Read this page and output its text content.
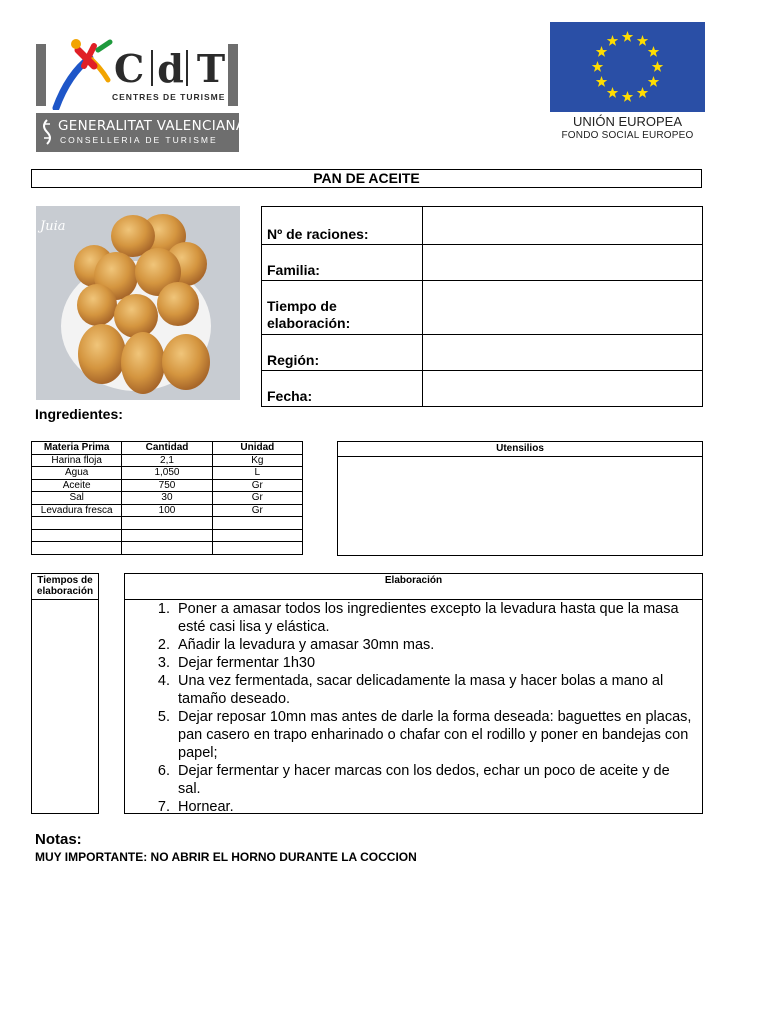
C d T
CENTRES DE TURISME
GENERALITAT VALENCIANA
CONSELLERIA DE TURISME
UNIÓN EUROPEA
FONDO SOCIAL EUROPEO
PAN DE ACEITE
Juia	Nº de raciones:	
Familia:	
Tiempo de elaboración:	
Región:	
Fecha:	
Ingredientes:
Materia Prima	Cantidad	Unidad
Harina floja	2,1	Kg
Agua	1,050	L
Aceite	750	Gr
Sal	30	Gr
Levadura fresca	100	Gr

Utensilios
Tiempos de elaboración
Elaboración
1. Poner a amasar todos los ingredientes excepto la levadura hasta que la masa esté casi lisa y elástica.
2. Añadir la levadura y amasar 30mn mas.
3. Dejar fermentar 1h30
4. Una vez fermentada, sacar delicadamente la masa y hacer bolas a mano al tamaño deseado.
5. Dejar reposar 10mn mas antes de darle la forma deseada: baguettes en placas, pan casero en trapo enharinado o chafar con el rodillo y poner en bandejas con papel;
6. Dejar fermentar y hacer marcas con los dedos, echar un poco de aceite y de sal.
7. Hornear.
Notas:
MUY IMPORTANTE: NO ABRIR EL HORNO DURANTE LA COCCION
